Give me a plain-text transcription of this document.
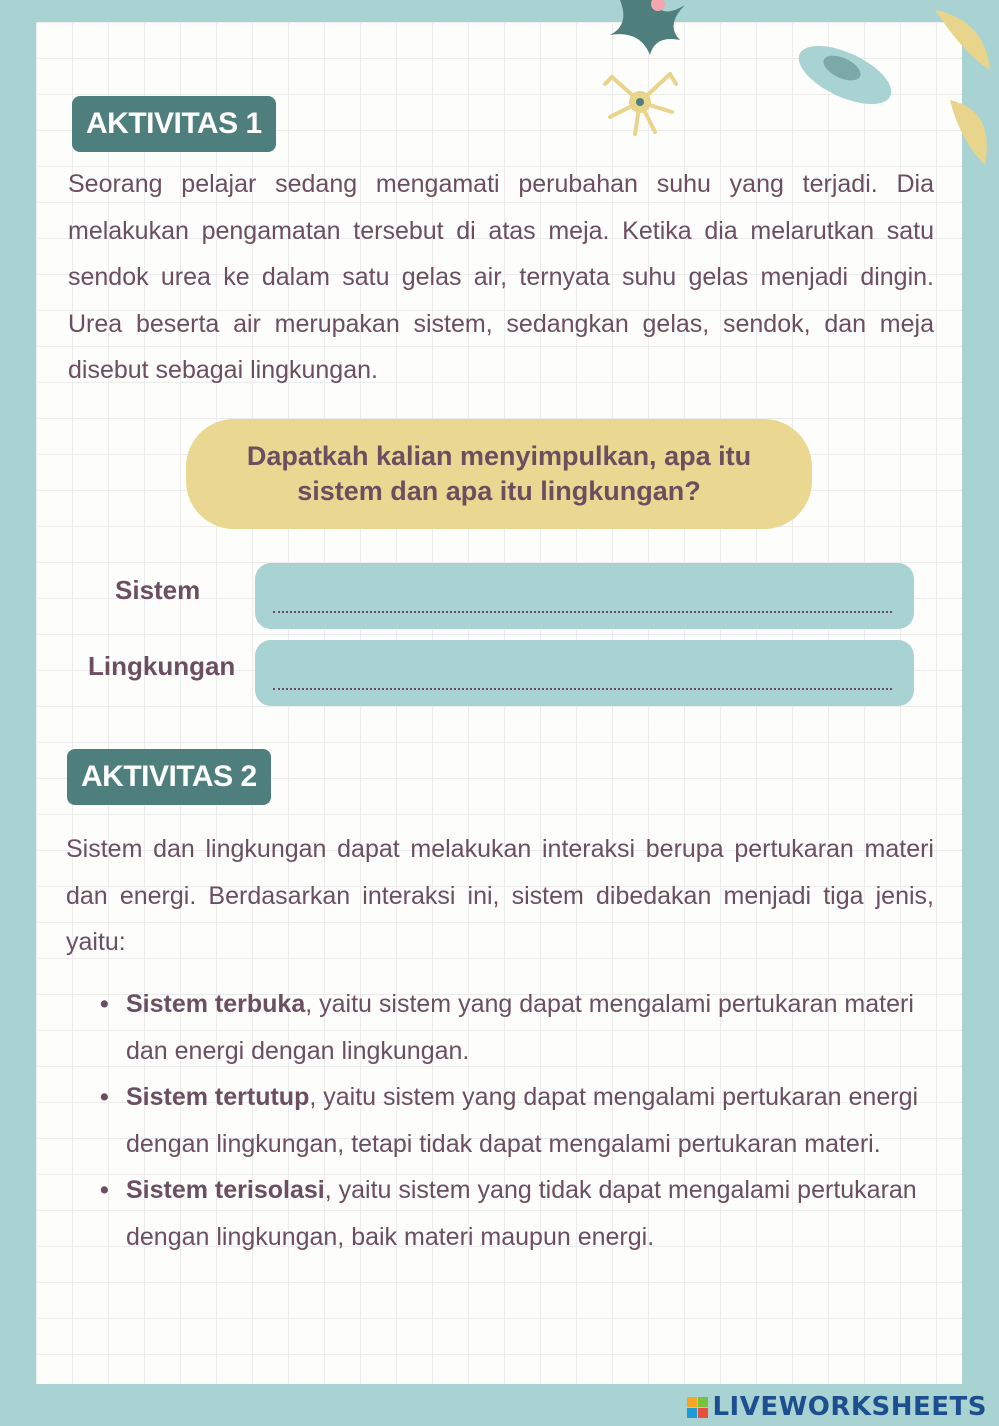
AKTIVITAS 1

Seorang pelajar sedang mengamati perubahan suhu yang terjadi. Dia melakukan pengamatan tersebut di atas meja. Ketika dia melarutkan satu sendok urea ke dalam satu gelas air, ternyata suhu gelas menjadi dingin. Urea beserta air merupakan sistem, sedangkan gelas, sendok, dan meja disebut sebagai lingkungan.

Dapatkah kalian menyimpulkan, apa itu sistem dan apa itu lingkungan?
Sistem
Lingkungan
AKTIVITAS 2

Sistem dan lingkungan dapat melakukan interaksi berupa pertukaran materi dan energi. Berdasarkan interaksi ini, sistem dibedakan menjadi tiga jenis, yaitu:

• Sistem terbuka, yaitu sistem yang dapat mengalami pertukaran materi dan energi dengan lingkungan.
• Sistem tertutup, yaitu sistem yang dapat mengalami pertukaran energi dengan lingkungan, tetapi tidak dapat mengalami pertukaran materi.
• Sistem terisolasi, yaitu sistem yang tidak dapat mengalami pertukaran dengan lingkungan, baik materi maupun energi.
LIVEWORKSHEETS
